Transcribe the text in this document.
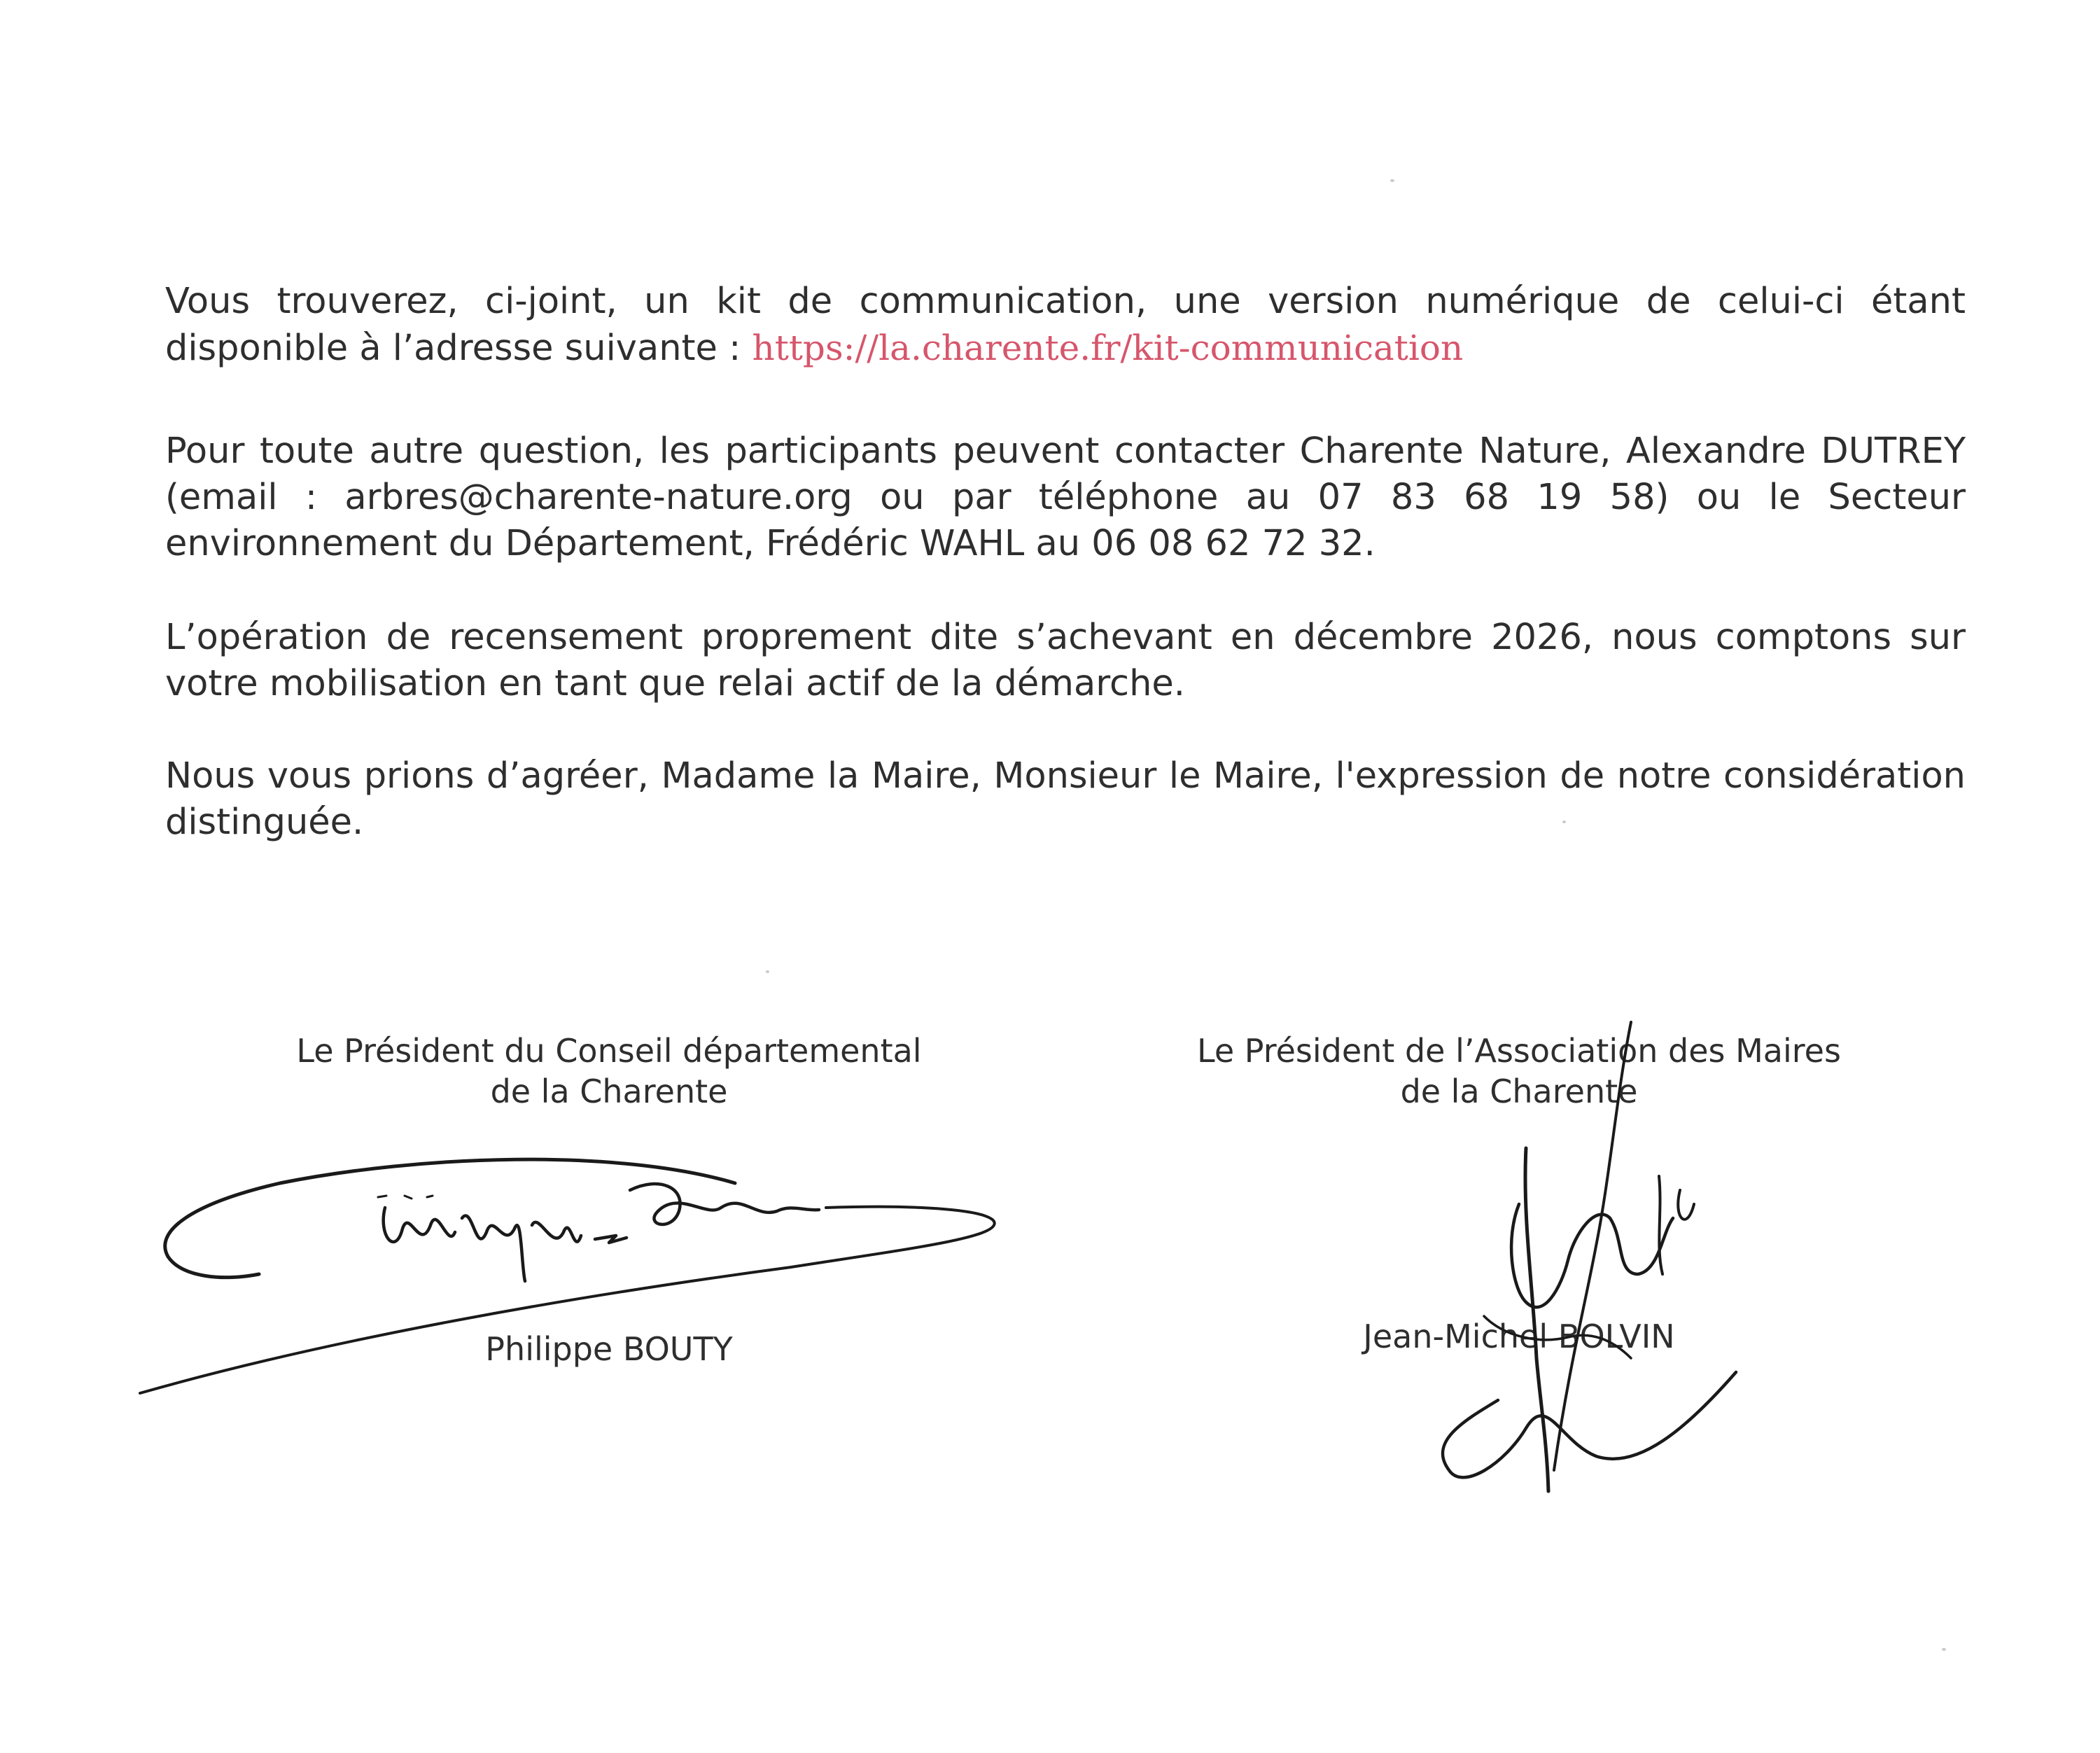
Vous trouverez, ci-joint, un kit de communication, une version numérique de celui-ci étant disponible à l’adresse suivante : https://la.charente.fr/kit-communication

Pour toute autre question, les participants peuvent contacter Charente Nature, Alexandre DUTREY (email : arbres@charente-nature.org ou par téléphone au 07 83 68 19 58) ou le Secteur environnement du Département, Frédéric WAHL au 06 08 62 72 32.

L’opération de recensement proprement dite s’achevant en décembre 2026, nous comptons sur votre mobilisation en tant que relai actif de la démarche.

Nous vous prions d’agréer, Madame la Maire, Monsieur le Maire, l'expression de notre considération distinguée.

Le Président du Conseil départemental
de la Charente
Le Président de l’Association des Maires
de la Charente
Philippe BOUTY	Jean-Michel BOLVIN
